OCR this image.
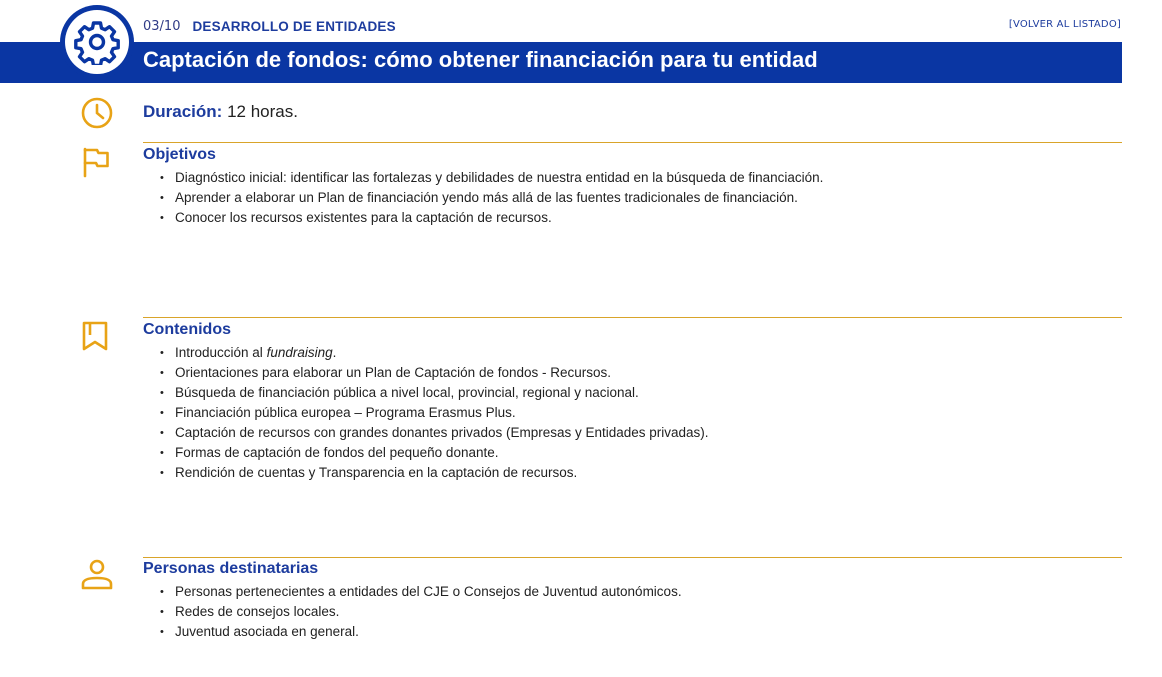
03/10 DESARROLLO DE ENTIDADES	[VOLVER AL LISTADO]
Captación de fondos: cómo obtener financiación para tu entidad
Duración: 12 horas.
Objetivos
• Diagnóstico inicial: identificar las fortalezas y debilidades de nuestra entidad en la búsqueda de financiación.
• Aprender a elaborar un Plan de financiación yendo más allá de las fuentes tradicionales de financiación.
• Conocer los recursos existentes para la captación de recursos.
Contenidos
• Introducción al fundraising.
• Orientaciones para elaborar un Plan de Captación de fondos - Recursos.
• Búsqueda de financiación pública a nivel local, provincial, regional y nacional.
• Financiación pública europea – Programa Erasmus Plus.
• Captación de recursos con grandes donantes privados (Empresas y Entidades privadas).
• Formas de captación de fondos del pequeño donante.
• Rendición de cuentas y Transparencia en la captación de recursos.
Personas destinatarias
• Personas pertenecientes a entidades del CJE o Consejos de Juventud autonómicos.
• Redes de consejos locales.
• Juventud asociada en general.
